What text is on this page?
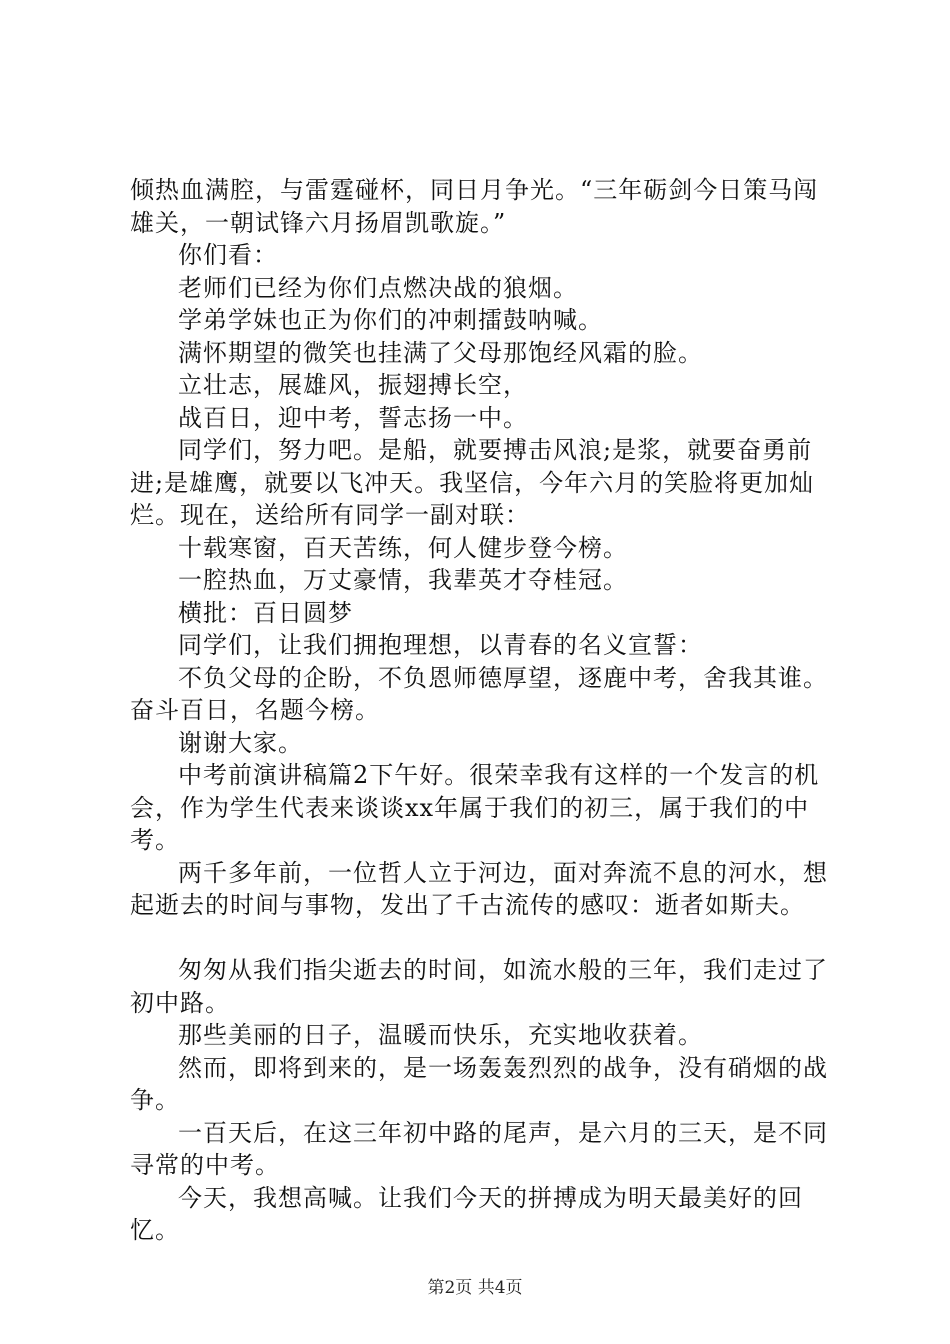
倾热血满腔，与雷霆碰杯，同日月争光。“三年砺剑今日策马闯雄关，一朝试锋六月扬眉凯歌旋。”

你们看：

老师们已经为你们点燃决战的狼烟。

学弟学妹也正为你们的冲刺擂鼓呐喊。

满怀期望的微笑也挂满了父母那饱经风霜的脸。

立壮志，展雄风，振翅搏长空，

战百日，迎中考，誓志扬一中。

同学们，努力吧。是船，就要搏击风浪;是浆，就要奋勇前进;是雄鹰，就要以飞冲天。我坚信，今年六月的笑脸将更加灿烂。现在，送给所有同学一副对联：

十载寒窗，百天苦练，何人健步登今榜。

一腔热血，万丈豪情，我辈英才夺桂冠。

横批：百日圆梦

同学们，让我们拥抱理想，以青春的名义宣誓：

不负父母的企盼，不负恩师德厚望，逐鹿中考，舍我其谁。奋斗百日，名题今榜。

谢谢大家。

中考前演讲稿篇2下午好。很荣幸我有这样的一个发言的机会，作为学生代表来谈谈xx年属于我们的初三，属于我们的中考。

两千多年前，一位哲人立于河边，面对奔流不息的河水，想起逝去的时间与事物，发出了千古流传的感叹：逝者如斯夫。

匆匆从我们指尖逝去的时间，如流水般的三年，我们走过了初中路。

那些美丽的日子，温暖而快乐，充实地收获着。

然而，即将到来的，是一场轰轰烈烈的战争，没有硝烟的战争。

一百天后，在这三年初中路的尾声，是六月的三天，是不同寻常的中考。

今天，我想高喊。让我们今天的拼搏成为明天最美好的回忆。

第2页 共4页
